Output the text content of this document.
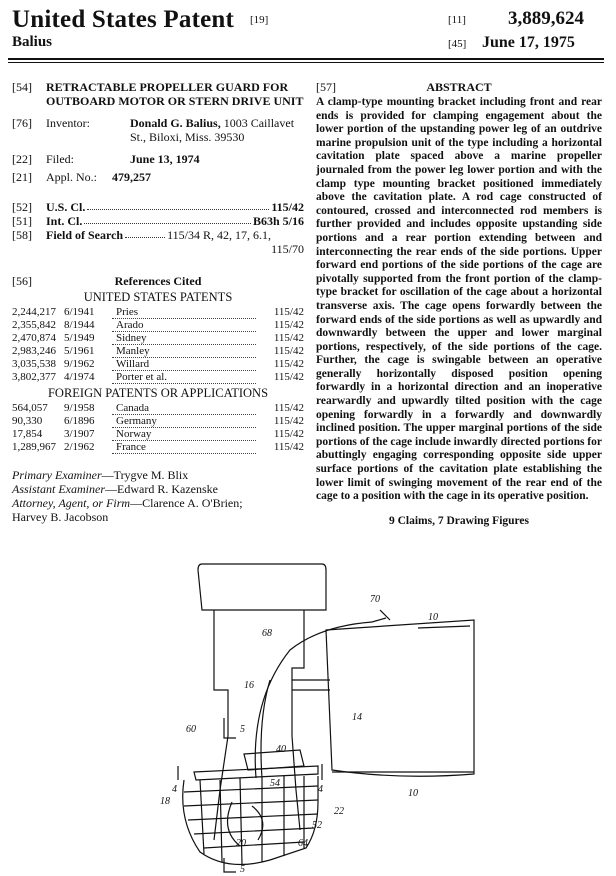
United States Patent [19]
Balius
[11] 3,889,624
[45] June 17, 1975
[54]	RETRACTABLE PROPELLER GUARD FOR OUTBOARD MOTOR OR STERN DRIVE UNIT
[76]	Inventor:	Donald G. Balius, 1003 Caillavet St., Biloxi, Miss. 39530
[22]	Filed:	June 13, 1974
[21]	Appl. No.:	479,257
[52]	U.S. Cl.	115/42
[51]	Int. Cl.	B63h 5/16
[58]	Field of Search	115/34 R, 42, 17, 6.1,
115/70
[56]	References Cited
UNITED STATES PATENTS
2,244,217	6/1941	Pries	115/42
2,355,842	8/1944	Arado	115/42
2,470,874	5/1949	Sidney	115/42
2,983,246	5/1961	Manley	115/42
3,035,538	9/1962	Willard	115/42
3,802,377	4/1974	Porter et al.	115/42
FOREIGN PATENTS OR APPLICATIONS
564,057	9/1958	Canada	115/42
90,330	6/1896	Germany	115/42
17,854	3/1907	Norway	115/42
1,289,967	2/1962	France	115/42
Primary Examiner—Trygve M. Blix
Assistant Examiner—Edward R. Kazenske
Attorney, Agent, or Firm—Clarence A. O'Brien;
Harvey B. Jacobson
[57]	ABSTRACT
A clamp-type mounting bracket including front and rear ends is provided for clamping engagement about the lower portion of the upstanding power leg of an outdrive marine propulsion unit of the type including a horizontal cavitation plate spaced above a marine propeller journaled from the power leg lower portion and with the clamp type mounting bracket positioned immediately above the cavitation plate. A rod cage constructed of contoured, crossed and interconnected rod members is further provided and includes opposite upstanding side portions and a rear portion extending between and interconnecting the rear ends of the side portions. Upper forward end portions of the side portions of the cage are pivotally supported from the front portion of the clamp-type bracket for oscillation of the cage about a horizontal transverse axis. The cage opens forwardly between the forward ends of the side portions as well as upwardly and downwardly between the upper and lower marginal portions, respectively, of the side portions of the cage. Further, the cage is swingable between an operative generally horizontally disposed position opening forwardly in a horizontal direction and an inoperative rearwardly and upwardly tilted position with the cage opening forwardly in a forwardly and downwardly inclined position. The upper marginal portions of the side portions of the cage include inwardly directed portions for abuttingly engaging corresponding opposite side upper surface portions of the cavitation plate establishing the lower limit of swinging movement of the rear end of the cage to a position with the cage in its operative position.
9 Claims, 7 Drawing Figures
70
10
68
16
14
5
60
40
4	4
54
18
22
52
20	64
5
10
